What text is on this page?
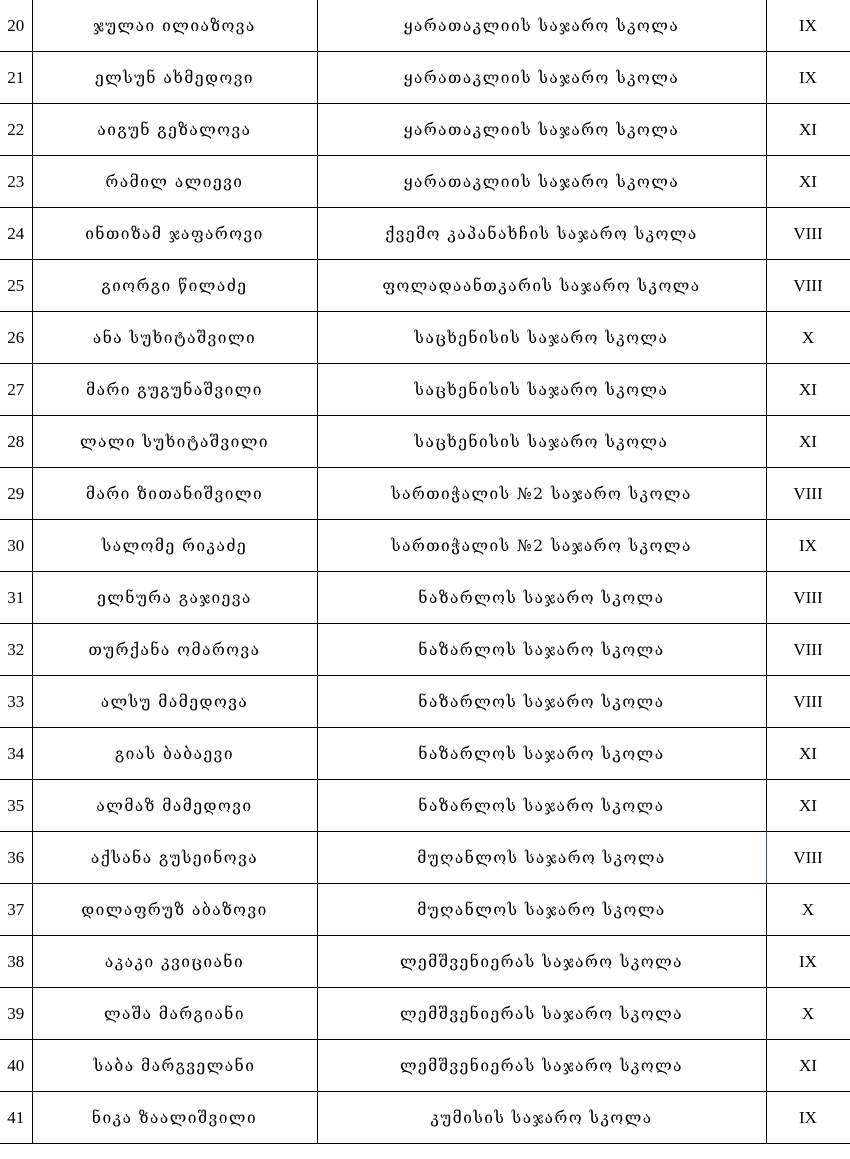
20	ჯულაი ილიაზოვა	ყარათაკლიის საჯარო სკოლა	IX
21	ელსუნ ახმედოვი	ყარათაკლიის საჯარო სკოლა	IX
22	აიგუნ გეზალოვა	ყარათაკლიის საჯარო სკოლა	XI
23	რამილ ალიევი	ყარათაკლიის საჯარო სკოლა	XI
24	ინთიზამ ჯაფაროვი	ქვემო კაპანახჩის საჯარო სკოლა	VIII
25	გიორგი წილაძე	ფოლადაანთკარის საჯარო სკოლა	VIII
26	ანა სუხიტაშვილი	საცხენისის საჯარო სკოლა	X
27	მარი გუგუნაშვილი	საცხენისის საჯარო სკოლა	XI
28	ლალი სუხიტაშვილი	საცხენისის საჯარო სკოლა	XI
29	მარი ზითანიშვილი	სართიჭალის №2 საჯარო სკოლა	VIII
30	სალომე რიკაძე	სართიჭალის №2 საჯარო სკოლა	IX
31	ელნურა გაჯიევა	ნაზარლოს საჯარო სკოლა	VIII
32	თურქანა ომაროვა	ნაზარლოს საჯარო სკოლა	VIII
33	ალსუ მამედოვა	ნაზარლოს საჯარო სკოლა	VIII
34	გიას ბაბაევი	ნაზარლოს საჯარო სკოლა	XI
35	ალმაზ მამედოვი	ნაზარლოს საჯარო სკოლა	XI
36	აქსანა გუსეინოვა	მუღანლოს საჯარო სკოლა	VIII
37	დილაფრუზ აბაზოვი	მუღანლოს საჯარო სკოლა	X
38	აკაკი კვიციანი	ლემშვენიერას საჯარო სკოლა	IX
39	ლაშა მარგიანი	ლემშვენიერას საჯარო სკოლა	X
40	საბა მარგველანი	ლემშვენიერას საჯარო სკოლა	XI
41	ნიკა ზაალიშვილი	კუმისის საჯარო სკოლა	IX
